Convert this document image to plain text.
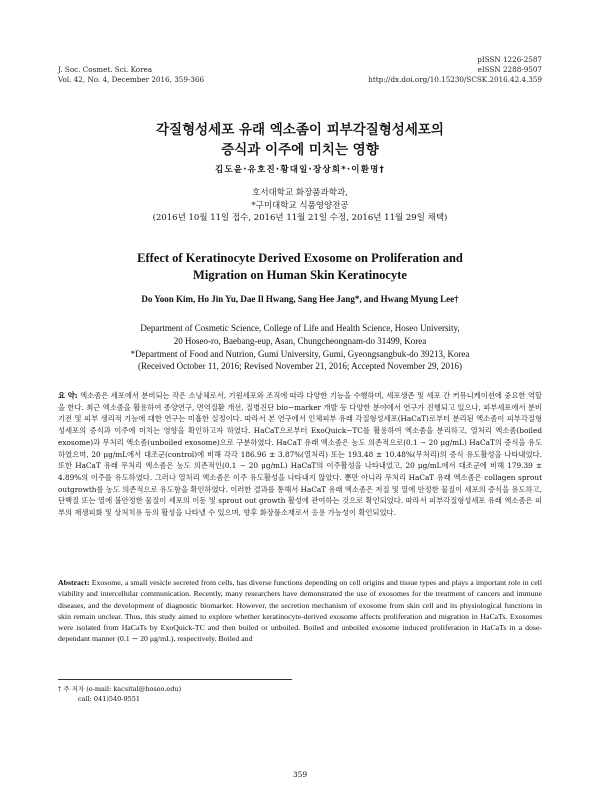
J. Soc. Cosmet. Sci. Korea
Vol. 42, No. 4, December 2016, 359-366
pISSN 1226-2587
eISSN 2288-9507
http://dx.doi.org/10.15230/SCSK.2016.42.4.359
각질형성세포 유래 엑소좀이 피부각질형성세포의
증식과 이주에 미치는 영향
김도윤·유호진·황대일·장상희*·이환명†
호서대학교 화장품과학과,
*구미대학교 식품영양전공
(2016년 10월 11일 접수, 2016년 11월 21일 수정, 2016년 11월 29일 채택)
Effect of Keratinocyte Derived Exosome on Proliferation and
Migration on Human Skin Keratinocyte
Do Yoon Kim, Ho Jin Yu, Dae Il Hwang, Sang Hee Jang*, and Hwang Myung Lee†
Department of Cosmetic Science, College of Life and Health Science, Hoseo University,
20 Hoseo-ro, Baebang-eup, Asan, Chungcheongnam-do 31499, Korea
*Department of Food and Nutrion, Gumi University, Gumi, Gyeongsangbuk-do 39213, Korea
(Received October 11, 2016; Revised November 21, 2016; Accepted November 29, 2016)
요 약: 엑소좀은 세포에서 분비되는 작은 소낭체로서, 기원세포와 조직에 따라 다양한 기능을 수행하며, 세포생존 및 세포 간 커뮤니케이션에 중요한 역할을 한다. 최근 엑소좀을 활용하여 종양연구, 면역질환 개선, 질병진단 bio−marker 개발 등 다양한 분야에서 연구가 진행되고 있으나, 피부세포에서 분비기전 및 피부 생리적 기능에 대한 연구는 미흡한 실정이다. 따라서 본 연구에서 인체피부 유래 각질형성세포(HaCaT)로부터 분리된 엑소좀이 피부각질형성세포의 증식과 이주에 미치는 영향을 확인하고자 하였다. HaCaT으로부터 ExoQuick−TC를 활용하여 엑소좀을 분리하고, 열처리 엑소좀(boiled exosome)과 무처리 엑소좀(unboiled exosome)으로 구분하였다. HaCaT 유래 엑소좀은 농도 의존적으로(0.1 ∼ 20 μg/mL) HaCaT의 증식을 유도하였으며, 20 μg/mL에서 대조군(control)에 비해 각각 186.96 ± 3.87%(열처리) 또는 193.48 ± 10.48%(무처리)의 증식 유도활성을 나타내었다. 또한 HaCaT 유래 무처리 엑소좀은 농도 의존적인(0.1 ∼ 20 μg/mL) HaCaT의 이주활성을 나타내었고, 20 μg/mL에서 대조군에 비해 179.39 ± 4.89%의 이주를 유도하였다. 그러나 열처리 엑소좀은 이주 유도활성을 나타내지 않았다. 뿐만 아니라 무처리 HaCaT 유래 엑소좀은 collagen sprout outgrowth를 농도 의존적으로 유도함을 확인하였다. 이러한 결과를 통해서 HaCaT 유래 엑소좀은 저질 및 열에 안정한 물질이 세포의 증식을 유도하고, 단백질 또는 열에 불안정한 물질이 세포의 이동 및 sprout out growth 활성에 관여하는 것으로 확인되었다. 따라서 피부각질형성세포 유래 엑소좀은 피부의 재생피화 및 상처치유 등의 활성을 나타낼 수 있으며, 향후 화장품소재로서 응용 가능성이 확인되었다.
Abstract: Exosome, a small vesicle secreted from cells, has diverse functions depending on cell origins and tissue types and plays a important role in cell viability and intercellular communication. Recently, many researchers have demonstrated the use of exosomes for the treatment of cancers and immune diseases, and the development of diagnostic biomarker. However, the secretion mechanism of exosome from skin cell and its physiological functions in skin remain unclear. Thus, this study aimed to explore whether keratinocyte-derived exosome affects proliferation and migration in HaCaTs. Exosomes were isolated from HaCaTs by ExoQuick-TC and then boiled or unboiled. Boiled and unboiled exosome induced proliferation in HaCaTs in a dose-dependant manner (0.1 ∼ 20 μg/mL), respectively. Boiled and
† 주 저자 (e-mail: kacsital@hoseo.edu)
call: 041)540-9551
359
